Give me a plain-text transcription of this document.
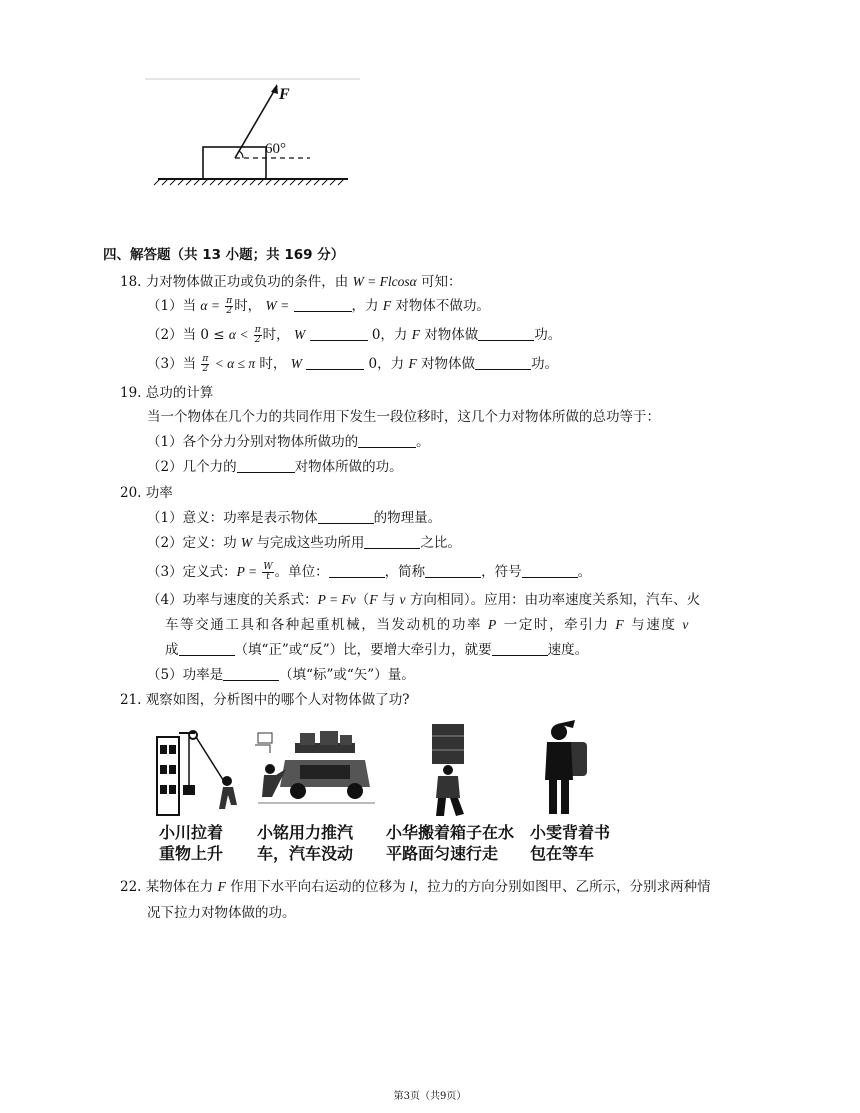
F
60°
四、解答题（共 13 小题；共 169 分）
18. 力对物体做正功或负功的条件，由 W = Flcosα 可知：
（1）当 $\alpha = \frac{\pi}{2}$ 时， W =	，力 F 对物体不做功。
（2）当 $0 \le \alpha < \frac{\pi}{2}$ 时， W	0，力 F 对物体做	功。
（3）当 $\frac{\pi}{2} < \alpha \le \pi$ 时， W	0，力 F 对物体做	功。
19. 总功的计算
当一个物体在几个力的共同作用下发生一段位移时，这几个力对物体所做的总功等于：
（1）各个分力分别对物体所做功的	。
（2）几个力的	对物体所做的功。
20. 功率
（1）意义：功率是表示物体	的物理量。
（2）定义：功 W 与完成这些功所用	之比。
（3）定义式：$P = \frac{W}{t}$ 。单位：	，简称	，符号	。
（4）功率与速度的关系式：P = Fv（F 与 v 方向相同）。应用：由功率速度关系知，汽车、火
车等交通工具和各种起重机械，当发动机的功率 P 一定时，牵引力 F 与速度 v
成	（填“正”或“反”）比，要增大牵引力，就要	速度。
（5）功率是	（填“标”或“矢”）量。
21. 观察如图，分析图中的哪个人对物体做了功?
小川拉着
重物上升
小铭用力推汽
车，汽车没动
小华搬着箱子在水
平路面匀速行走
小雯背着书
包在等车
22. 某物体在力 F 作用下水平向右运动的位移为 l，拉力的方向分别如图甲、乙所示，分别求两种情
况下拉力对物体做的功。
第3页（共9页）
